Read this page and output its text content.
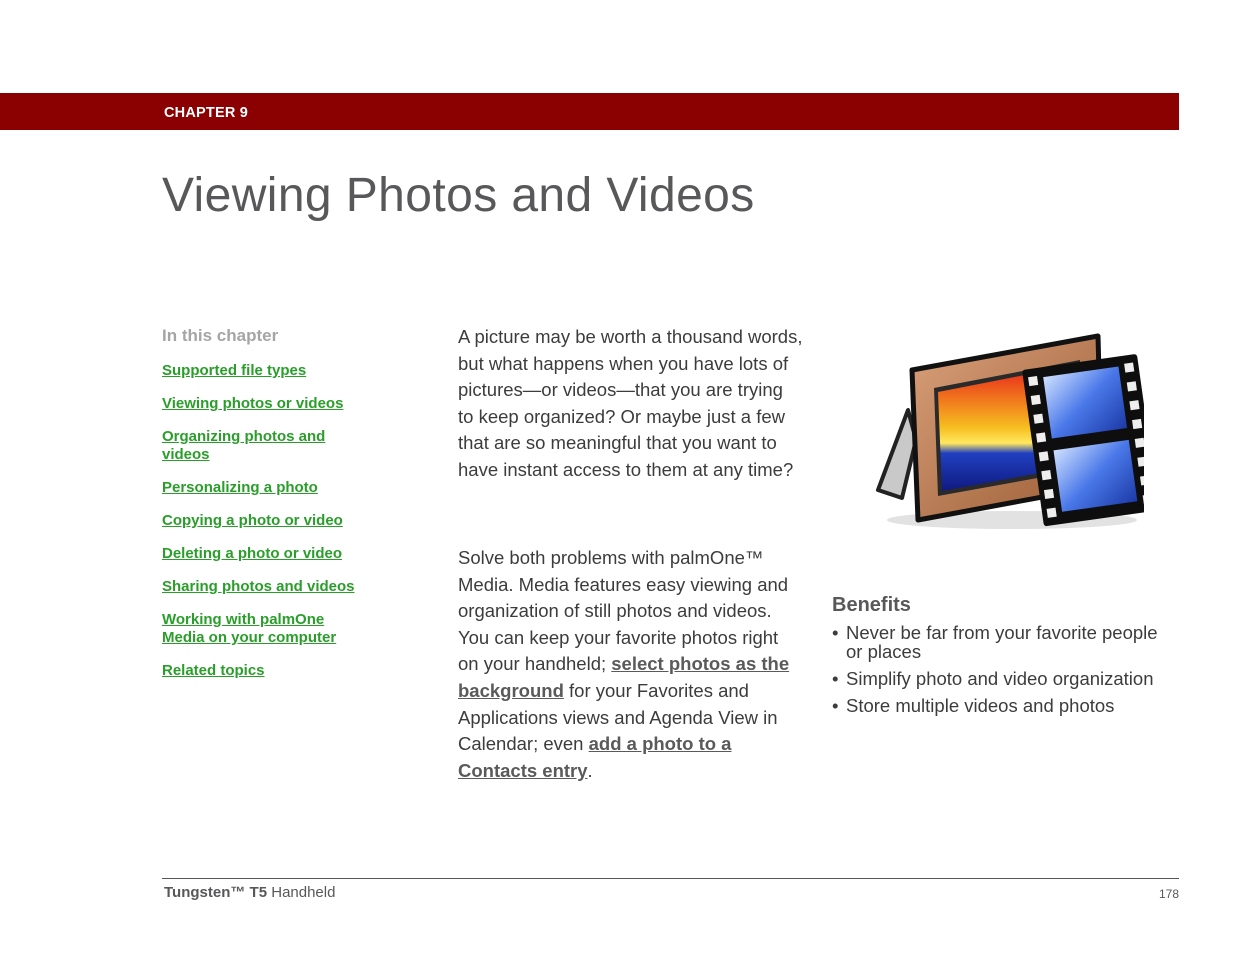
CHAPTER 9
Viewing Photos and Videos
In this chapter
Supported file types
Viewing photos or videos
Organizing photos and videos
Personalizing a photo
Copying a photo or video
Deleting a photo or video
Sharing photos and videos
Working with palmOne Media on your computer
Related topics

A picture may be worth a thousand words, but what happens when you have lots of pictures—or videos—that you are trying to keep organized? Or maybe just a few that are so meaningful that you want to have instant access to them at any time?

Solve both problems with palmOne™ Media. Media features easy viewing and organization of still photos and videos. You can keep your favorite photos right on your handheld; select photos as the background for your Favorites and Applications views and Agenda View in Calendar; even add a photo to a Contacts entry.

Benefits
• Never be far from your favorite people or places
• Simplify photo and video organization
• Store multiple videos and photos
Tungsten™ T5 Handheld	178
